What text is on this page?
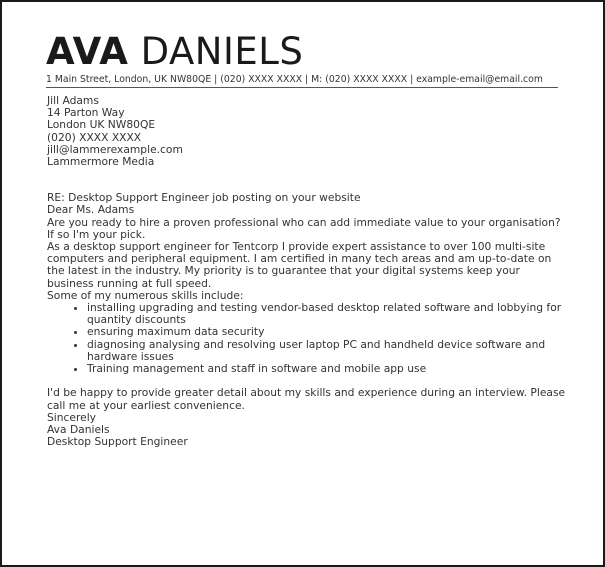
AVA DANIELS
1 Main Street, London, UK NW80QE | (020) XXXX XXXX | M: (020) XXXX XXXX | example-email@email.com

Jill Adams

14 Parton Way

London UK NW80QE

(020) XXXX XXXX

jill@lammerexample.com

Lammermore Media

RE: Desktop Support Engineer job posting on your website

Dear Ms. Adams

Are you ready to hire a proven professional who can add immediate value to your organisation? If so I'm your pick.

As a desktop support engineer for Tentcorp I provide expert assistance to over 100 multi-site computers and peripheral equipment. I am certified in many tech areas and am up-to-date on the latest in the industry. My priority is to guarantee that your digital systems keep your business running at full speed.

Some of my numerous skills include:

• installing upgrading and testing vendor-based desktop related software and lobbying for quantity discounts
• ensuring maximum data security
• diagnosing analysing and resolving user laptop PC and handheld device software and hardware issues
• Training management and staff in software and mobile app use

I'd be happy to provide greater detail about my skills and experience during an interview. Please call me at your earliest convenience.

Sincerely

Ava Daniels

Desktop Support Engineer
